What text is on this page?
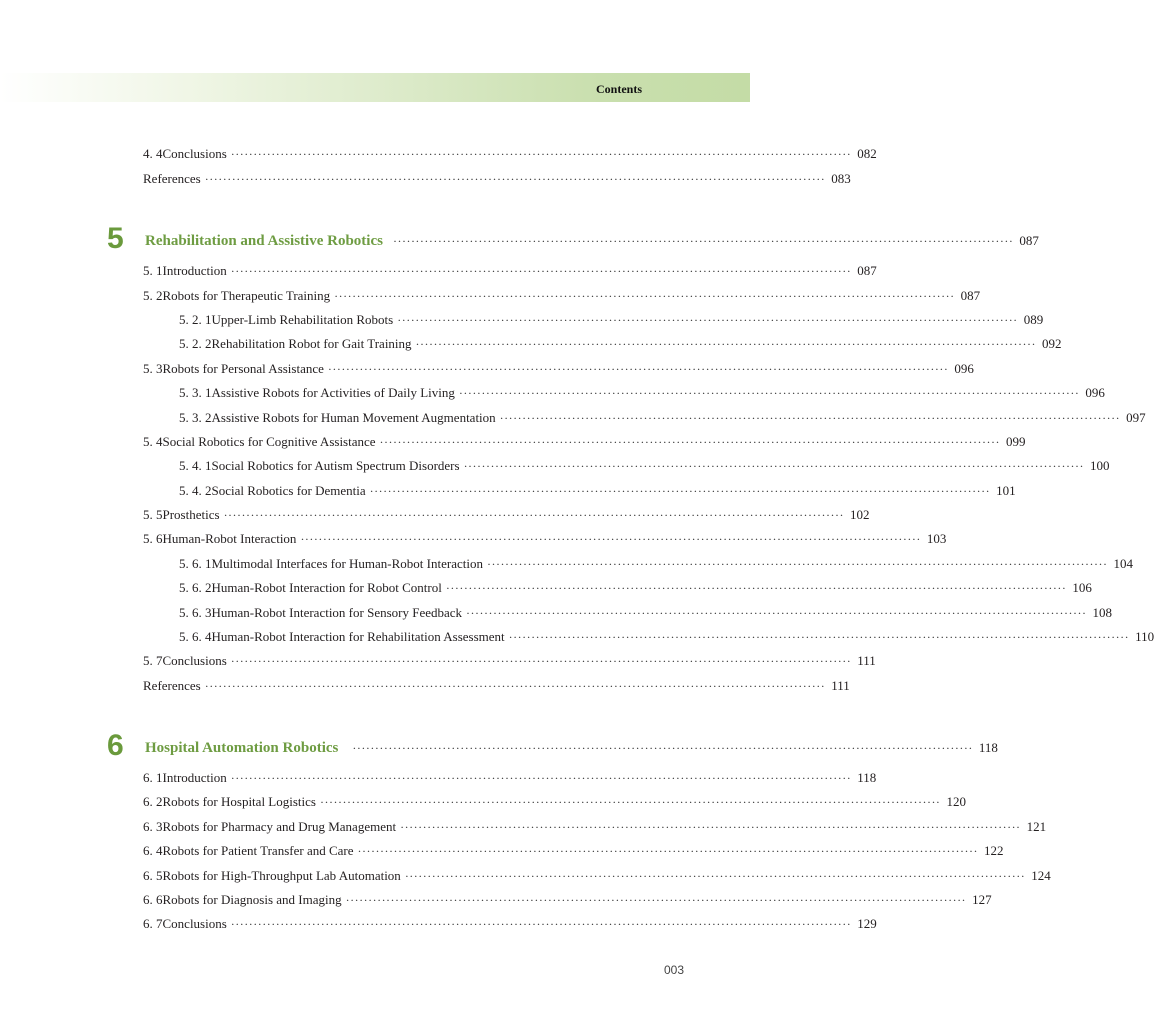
Contents
4. 4 Conclusions ·········································································································································· 082
References ·········································································································································· 083
5 Rehabilitation and Assistive Robotics ·········································································································································· 087
5. 1 Introduction ·········································································································································· 087
5. 2 Robots for Therapeutic Training ·········································································································································· 087
5. 2. 1 Upper-Limb Rehabilitation Robots ·········································································································································· 089
5. 2. 2 Rehabilitation Robot for Gait Training ·········································································································································· 092
5. 3 Robots for Personal Assistance ·········································································································································· 096
5. 3. 1 Assistive Robots for Activities of Daily Living ·········································································································································· 096
5. 3. 2 Assistive Robots for Human Movement Augmentation ·········································································································································· 097
5. 4 Social Robotics for Cognitive Assistance ·········································································································································· 099
5. 4. 1 Social Robotics for Autism Spectrum Disorders ·········································································································································· 100
5. 4. 2 Social Robotics for Dementia ·········································································································································· 101
5. 5 Prosthetics ·········································································································································· 102
5. 6 Human-Robot Interaction ·········································································································································· 103
5. 6. 1 Multimodal Interfaces for Human-Robot Interaction ·········································································································································· 104
5. 6. 2 Human-Robot Interaction for Robot Control ·········································································································································· 106
5. 6. 3 Human-Robot Interaction for Sensory Feedback ·········································································································································· 108
5. 6. 4 Human-Robot Interaction for Rehabilitation Assessment ·········································································································································· 110
5. 7 Conclusions ·········································································································································· 111
References ·········································································································································· 111
6 Hospital Automation Robotics	·········································································································································· 118
6. 1 Introduction ·········································································································································· 118
6. 2 Robots for Hospital Logistics ·········································································································································· 120
6. 3 Robots for Pharmacy and Drug Management ·········································································································································· 121
6. 4 Robots for Patient Transfer and Care ·········································································································································· 122
6. 5 Robots for High-Throughput Lab Automation ·········································································································································· 124
6. 6 Robots for Diagnosis and Imaging ·········································································································································· 127
6. 7 Conclusions ·········································································································································· 129
003
